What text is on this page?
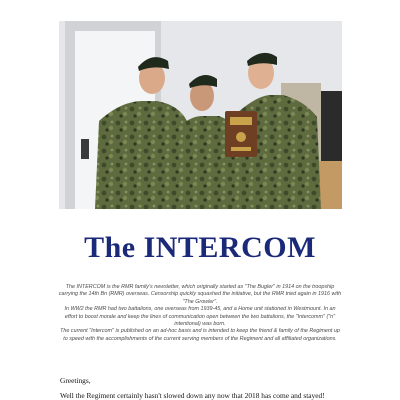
The INTERCOM

The INTERCOM is the RMR family's newsletter, which originally started as "The Bugler" in 1914 on the troopship carrying the 14th Bn (RMR) overseas. Censorship quickly squashed the initiative, but the RMR tried again in 1916 with "The Growler".

In WW2 the RMR had two battalions, one overseas from 1939-45, and a Home unit stationed in Westmount. In an effort to boost morale and keep the lines of communication open between the two battalions, the "Intercomm" ("n" intentional) was born.

The current "Intercom" is published on an ad-hoc basis and is intended to keep the friend & family of the Regiment up to speed with the accomplishments of the current serving members of the Regiment and all affiliated organizations.

Greetings,
Well the Regiment certainly hasn't slowed down any now that 2018 has come and stayed!
